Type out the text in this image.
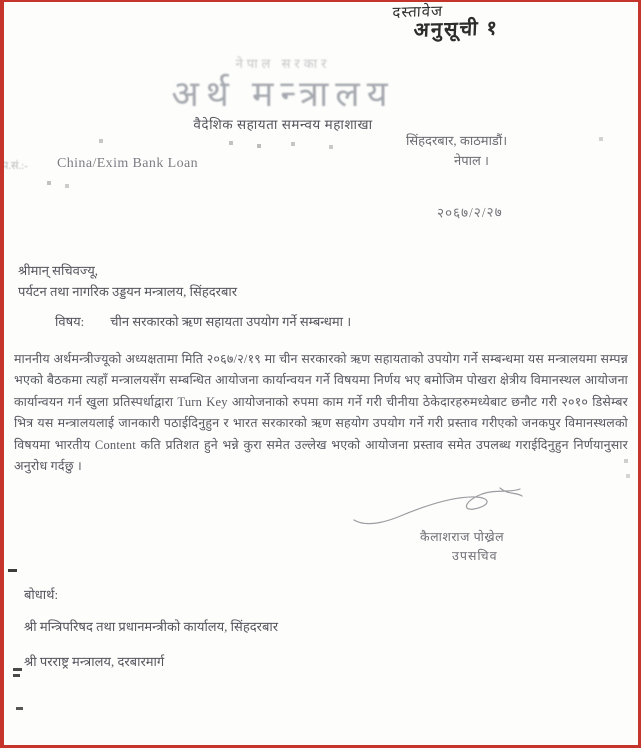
दस्तावेज
अनुसूची १
नेपाल सरकार
अर्थ मन्त्रालय
वैदेशिक सहायता समन्वय महाशाखा
सिंहदरबार, काठमाडौं।
नेपाल ।
प.सं.:- China/Exim Bank Loan
२०६७/२/२७
श्रीमान् सचिवज्यू,
पर्यटन तथा नागरिक उड्डयन मन्त्रालय, सिंहदरबार
विषय: चीन सरकारको ऋण सहायता उपयोग गर्ने सम्बन्धमा ।
माननीय अर्थमन्त्रीज्यूको अध्यक्षतामा मिति २०६७/२/१९ मा चीन सरकारको ऋण सहायताको उपयोग गर्ने सम्बन्धमा यस मन्त्रालयमा सम्पन्न भएको बैठकमा त्यहाँ मन्त्रालयसँग सम्बन्धित आयोजना कार्यान्वयन गर्ने विषयमा निर्णय भए बमोजिम पोखरा क्षेत्रीय विमानस्थल आयोजना कार्यान्वयन गर्न खुला प्रतिस्पर्धाद्वारा Turn Key आयोजनाको रुपमा काम गर्ने गरी चीनीया ठेकेदारहरुमध्येबाट छनौट गरी २०१० डिसेम्बर भित्र यस मन्त्रालयलाई जानकारी पठाईदिनुहुन र भारत सरकारको ऋण सहयोग उपयोग गर्ने गरी प्रस्ताव गरीएको जनकपुर विमानस्थलको विषयमा भारतीय Content कति प्रतिशत हुने भन्ने कुरा समेत उल्लेख भएको आयोजना प्रस्ताव समेत उपलब्ध गराईदिनुहुन निर्णयानुसार अनुरोध गर्दछु ।
कैलाशराज पोख्रेल
उपसचिव
बोधार्थ:
श्री मन्त्रिपरिषद तथा प्रधानमन्त्रीको कार्यालय, सिंहदरबार
श्री परराष्ट्र मन्त्रालय, दरबारमार्ग
